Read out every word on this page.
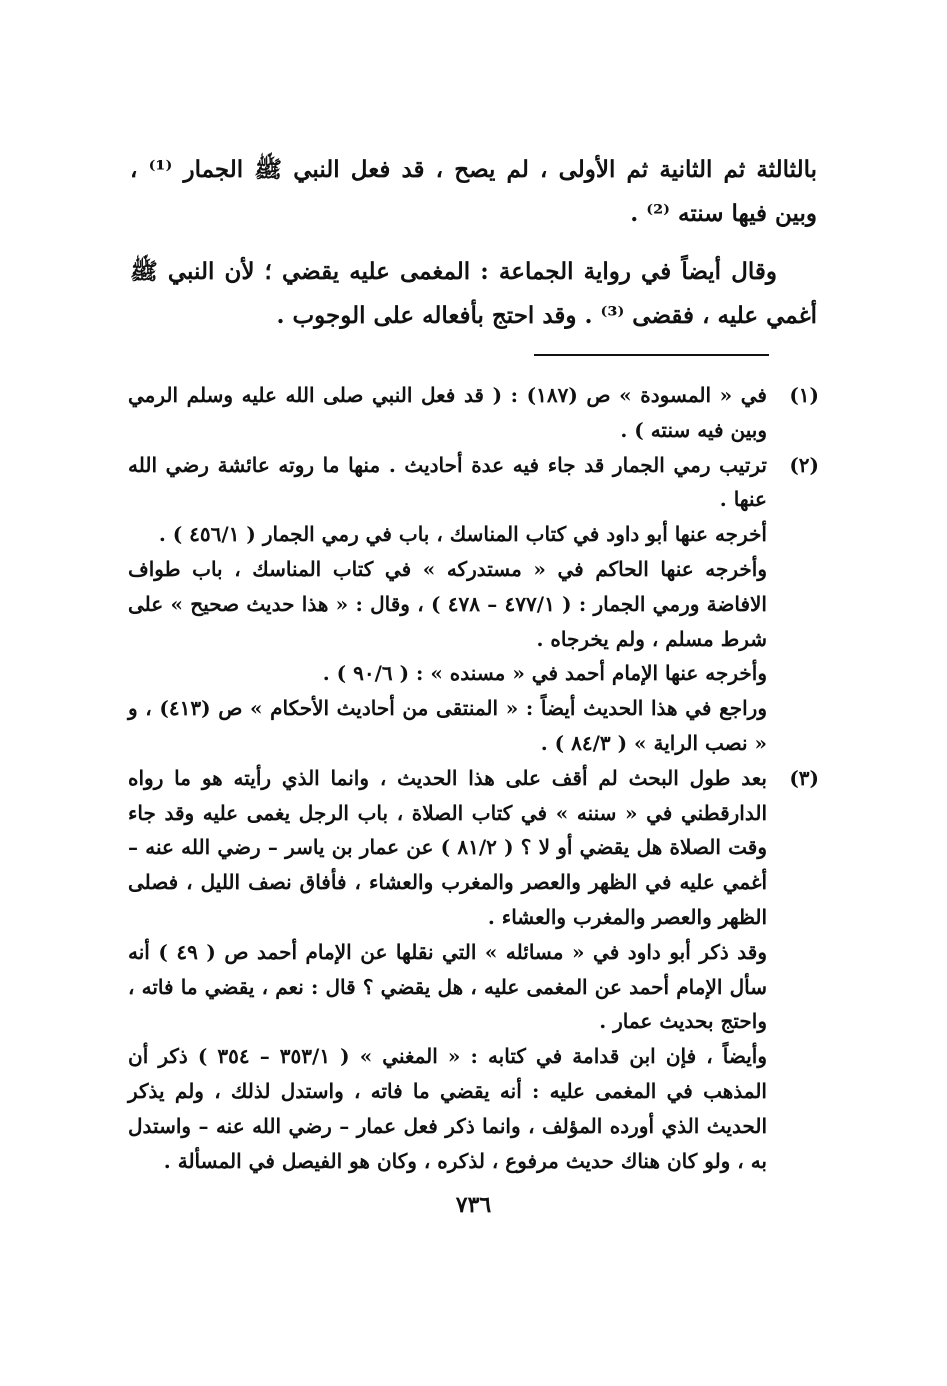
بالثالثة ثم الثانية ثم الأولى ، لم يصح ، قد فعل النبي ﷺ الجمار ⁽¹⁾ ، وبين فيها سنته ⁽²⁾ .

وقال أيضاً في رواية الجماعة : المغمى عليه يقضي ؛ لأن النبي ﷺ أغمي عليه ، فقضى ⁽³⁾ . وقد احتج بأفعاله على الوجوب .

(١)

في « المسودة » ص (١٨٧) : ( قد فعل النبي صلى الله عليه وسلم الرمي وبين فيه سنته ) .

(٢)

ترتيب رمي الجمار قد جاء فيه عدة أحاديث . منها ما روته عائشة رضي الله عنها .

أخرجه عنها أبو داود في كتاب المناسك ، باب في رمي الجمار ( ٤٥٦/١ ) .

وأخرجه عنها الحاكم في « مستدركه » في كتاب المناسك ، باب طواف الافاضة ورمي الجمار : ( ٤٧٧/١ – ٤٧٨ ) ، وقال : « هذا حديث صحيح » على شرط مسلم ، ولم يخرجاه .

وأخرجه عنها الإمام أحمد في « مسنده » : ( ٩٠/٦ ) .

وراجع في هذا الحديث أيضاً : « المنتقى من أحاديث الأحكام » ص (٤١٣) ، و « نصب الراية » ( ٨٤/٣ ) .

(٣)

بعد طول البحث لم أقف على هذا الحديث ، وانما الذي رأيته هو ما رواه الدارقطني في « سننه » في كتاب الصلاة ، باب الرجل يغمى عليه وقد جاء وقت الصلاة هل يقضي أو لا ؟ ( ٨١/٢ ) عن عمار بن ياسر – رضي الله عنه – أغمي عليه في الظهر والعصر والمغرب والعشاء ، فأفاق نصف الليل ، فصلى الظهر والعصر والمغرب والعشاء .

وقد ذكر أبو داود في « مسائله » التي نقلها عن الإمام أحمد ص ( ٤٩ ) أنه سأل الإمام أحمد عن المغمى عليه ، هل يقضي ؟ قال : نعم ، يقضي ما فاته ، واحتج بحديث عمار .

وأيضاً ، فإن ابن قدامة في كتابه : « المغني » ( ٣٥٣/١ – ٣٥٤ ) ذكر أن المذهب في المغمى عليه : أنه يقضي ما فاته ، واستدل لذلك ، ولم يذكر الحديث الذي أورده المؤلف ، وانما ذكر فعل عمار – رضي الله عنه – واستدل به ، ولو كان هناك حديث مرفوع ، لذكره ، وكان هو الفيصل في المسألة .

٧٣٦
